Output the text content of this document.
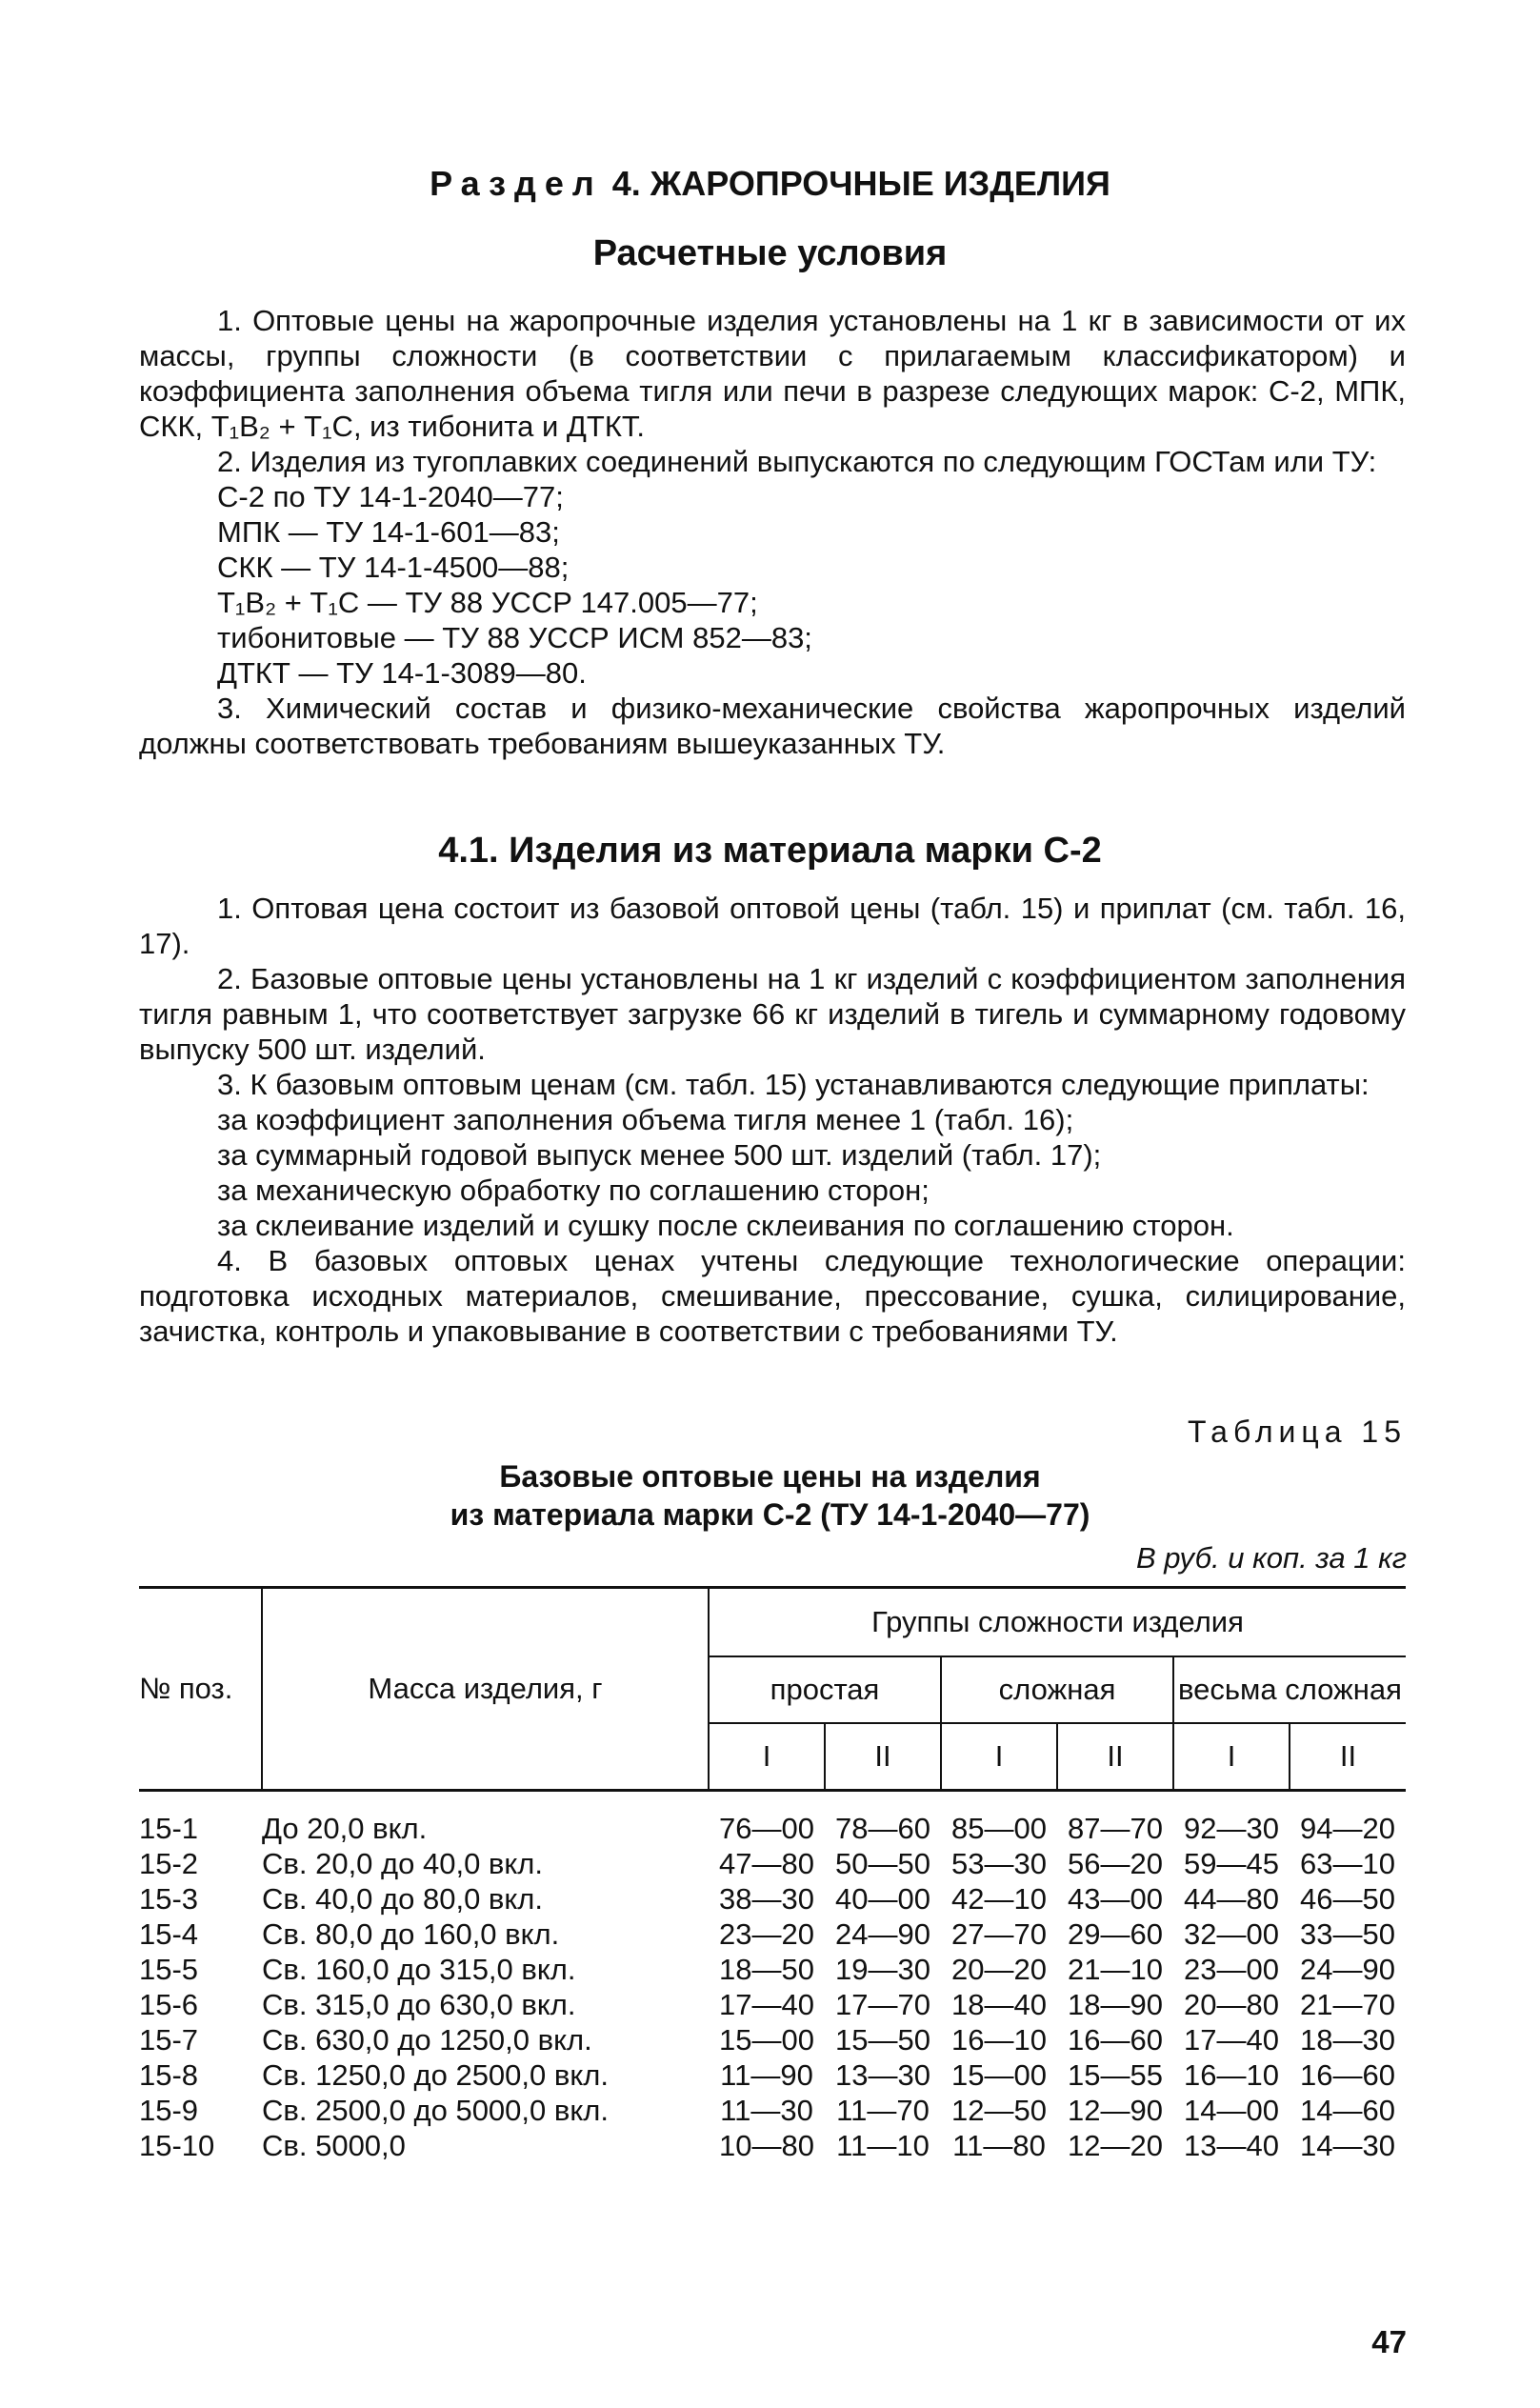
Раздел 4. ЖАРОПРОЧНЫЕ ИЗДЕЛИЯ
Расчетные условия

1. Оптовые цены на жаропрочные изделия установлены на 1 кг в зависимости от их массы, группы сложности (в соответствии с прилагаемым классификатором) и коэффициента заполнения объема тигля или печи в разрезе следующих марок: С-2, МПК, СКК, Т₁В₂ + Т₁С, из тибонита и ДТКТ.

2. Изделия из тугоплавких соединений выпускаются по следующим ГОСТам или ТУ:

С-2 по ТУ 14-1-2040—77;

МПК — ТУ 14-1-601—83;

СКК — ТУ 14-1-4500—88;

Т₁В₂ + Т₁С — ТУ 88 УССР 147.005—77;

тибонитовые — ТУ 88 УССР ИСМ 852—83;

ДТКТ — ТУ 14-1-3089—80.

3. Химический состав и физико-механические свойства жаропрочных изделий должны соответствовать требованиям вышеуказанных ТУ.

4.1. Изделия из материала марки С-2

1. Оптовая цена состоит из базовой оптовой цены (табл. 15) и приплат (см. табл. 16, 17).

2. Базовые оптовые цены установлены на 1 кг изделий с коэффициентом заполнения тигля равным 1, что соответствует загрузке 66 кг изделий в тигель и суммарному годовому выпуску 500 шт. изделий.

3. К базовым оптовым ценам (см. табл. 15) устанавливаются следующие приплаты:

за коэффициент заполнения объема тигля менее 1 (табл. 16);

за суммарный годовой выпуск менее 500 шт. изделий (табл. 17);

за механическую обработку по соглашению сторон;

за склеивание изделий и сушку после склеивания по соглашению сторон.

4. В базовых оптовых ценах учтены следующие технологические операции: подготовка исходных материалов, смешивание, прессование, сушка, силицирование, зачистка, контроль и упаковывание в соответствии с требованиями ТУ.

Таблица 15
Базовые оптовые цены на изделия
из материала марки С-2 (ТУ 14-1-2040—77)
В руб. и коп. за 1 кг
№ поз.	Масса изделия, г	Группы сложности изделия					
		простая		сложная		весьма сложная	
		I	II	I	II	I	II

15-1	До 20,0 вкл.	76—00	78—60	85—00	87—70	92—30	94—20
15-2	Св. 20,0 до 40,0 вкл.	47—80	50—50	53—30	56—20	59—45	63—10
15-3	Св. 40,0 до 80,0 вкл.	38—30	40—00	42—10	43—00	44—80	46—50
15-4	Св. 80,0 до 160,0 вкл.	23—20	24—90	27—70	29—60	32—00	33—50
15-5	Св. 160,0 до 315,0 вкл.	18—50	19—30	20—20	21—10	23—00	24—90
15-6	Св. 315,0 до 630,0 вкл.	17—40	17—70	18—40	18—90	20—80	21—70
15-7	Св. 630,0 до 1250,0 вкл.	15—00	15—50	16—10	16—60	17—40	18—30
15-8	Св. 1250,0 до 2500,0 вкл.	11—90	13—30	15—00	15—55	16—10	16—60
15-9	Св. 2500,0 до 5000,0 вкл.	11—30	11—70	12—50	12—90	14—00	14—60
15-10	Св. 5000,0	10—80	11—10	11—80	12—20	13—40	14—30
47
